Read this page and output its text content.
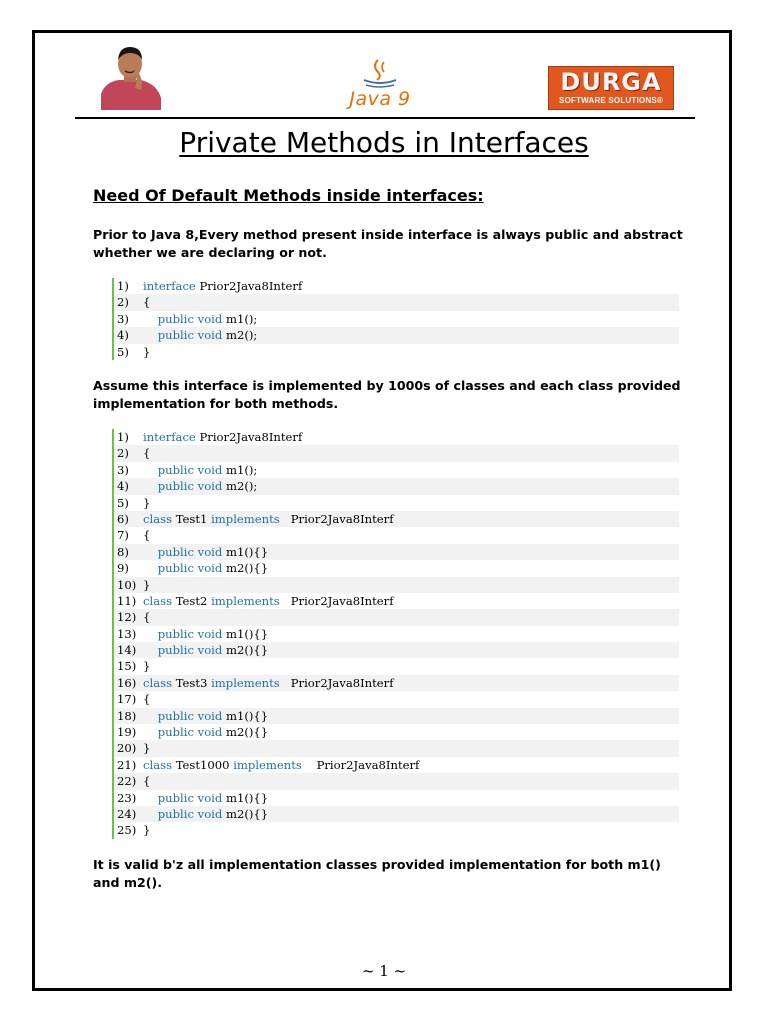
Java 9
DURGA
SOFTWARE SOLUTIONS®
Private Methods in Interfaces
Need Of Default Methods inside interfaces:
Prior to Java 8,Every method present inside interface is always public and abstract whether we are declaring or not.
1) interface Prior2Java8Interf
2) {
3) public void m1();
4) public void m2();
5) }
Assume this interface is implemented by 1000s of classes and each class provided implementation for both methods.
1) interface Prior2Java8Interf
2) {
3) public void m1();
4) public void m2();
5) }
6) class Test1 implements   Prior2Java8Interf
7) {
8) public void m1(){}
9) public void m2(){}
10) }
11) class Test2 implements   Prior2Java8Interf
12) {
13) public void m1(){}
14) public void m2(){}
15) }
16) class Test3 implements   Prior2Java8Interf
17) {
18) public void m1(){}
19) public void m2(){}
20) }
21) class Test1000 implements    Prior2Java8Interf
22) {
23) public void m1(){}
24) public void m2(){}
25) }
It is valid b'z all implementation classes provided implementation for both m1() and m2().
~ 1 ~
